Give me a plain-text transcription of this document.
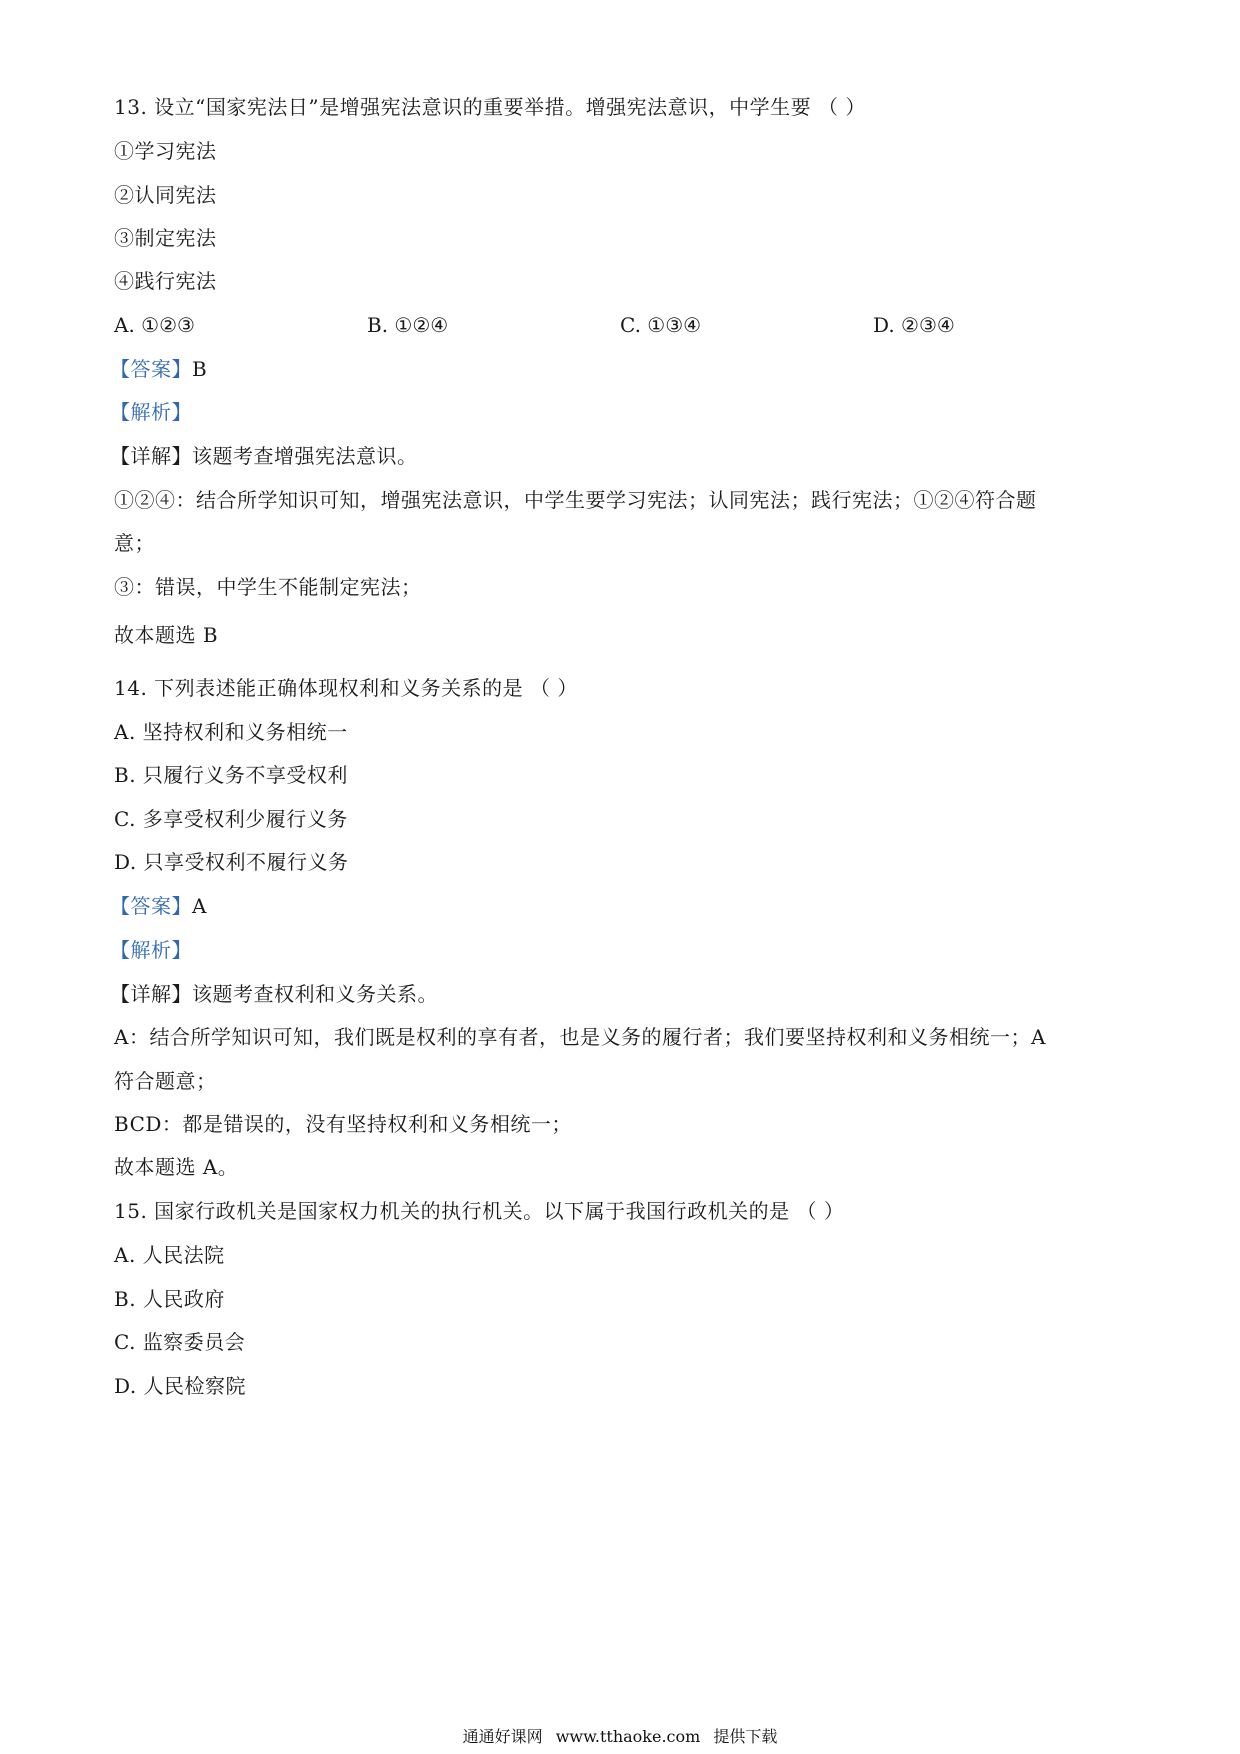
13. 设立“国家宪法日”是增强宪法意识的重要举措。增强宪法意识，中学生要 （ ）
①学习宪法
②认同宪法
③制定宪法
④践行宪法
A. ①②③	B. ①②④	C. ①③④	D. ②③④
【答案】B
【解析】
【详解】该题考查增强宪法意识。
①②④：结合所学知识可知，增强宪法意识，中学生要学习宪法；认同宪法；践行宪法；①②④符合题
意；
③：错误，中学生不能制定宪法；
故本题选 B
14. 下列表述能正确体现权利和义务关系的是 （ ）
A. 坚持权利和义务相统一
B. 只履行义务不享受权利
C. 多享受权利少履行义务
D. 只享受权利不履行义务
【答案】A
【解析】
【详解】该题考查权利和义务关系。
A：结合所学知识可知，我们既是权利的享有者，也是义务的履行者；我们要坚持权利和义务相统一；A
符合题意；
BCD：都是错误的，没有坚持权利和义务相统一；
故本题选 A。
15. 国家行政机关是国家权力机关的执行机关。以下属于我国行政机关的是 （ ）
A. 人民法院
B. 人民政府
C. 监察委员会
D. 人民检察院
通通好课网 www.tthaoke.com 提供下载
